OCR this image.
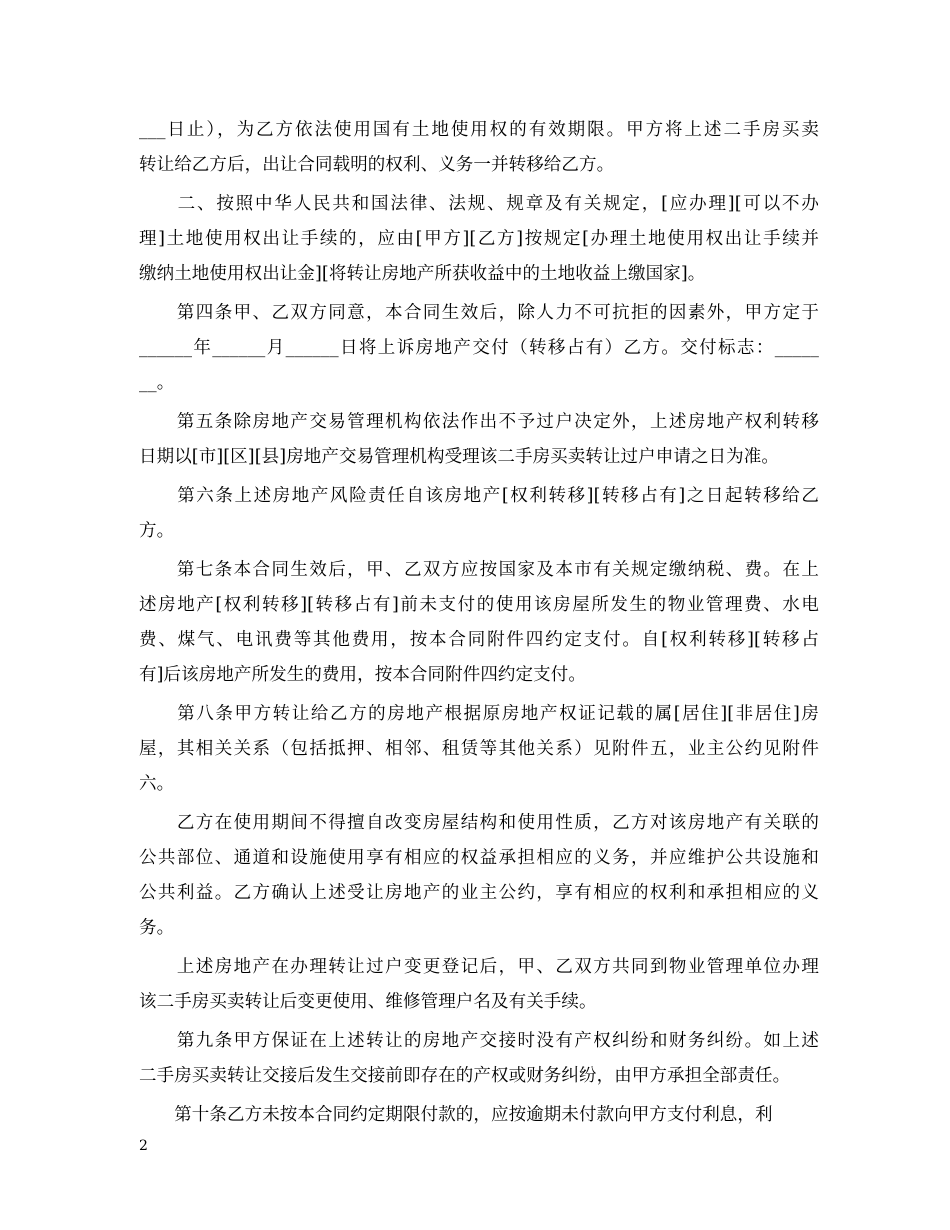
___日止），为乙方依法使用国有土地使用权的有效期限。甲方将上述二手房买卖
转让给乙方后，出让合同载明的权利、义务一并转移给乙方。
　　二、按照中华人民共和国法律、法规、规章及有关规定，[应办理][可以不办
理]土地使用权出让手续的，应由[甲方][乙方]按规定[办理土地使用权出让手续并
缴纳土地使用权出让金][将转让房地产所获收益中的土地收益上缴国家]。
　　第四条甲、乙双方同意，本合同生效后，除人力不可抗拒的因素外，甲方定于
______年______月______日将上诉房地产交付（转移占有）乙方。交付标志：_____
__。
　　第五条除房地产交易管理机构依法作出不予过户决定外，上述房地产权利转移
日期以[市][区][县]房地产交易管理机构受理该二手房买卖转让过户申请之日为准。
　　第六条上述房地产风险责任自该房地产[权利转移][转移占有]之日起转移给乙
方。
　　第七条本合同生效后，甲、乙双方应按国家及本市有关规定缴纳税、费。在上
述房地产[权利转移][转移占有]前未支付的使用该房屋所发生的物业管理费、水电
费、煤气、电讯费等其他费用，按本合同附件四约定支付。自[权利转移][转移占
有]后该房地产所发生的费用，按本合同附件四约定支付。
　　第八条甲方转让给乙方的房地产根据原房地产权证记载的属[居住][非居住]房
屋，其相关关系（包括抵押、相邻、租赁等其他关系）见附件五，业主公约见附件
六。
　　乙方在使用期间不得擅自改变房屋结构和使用性质，乙方对该房地产有关联的
公共部位、通道和设施使用享有相应的权益承担相应的义务，并应维护公共设施和
公共利益。乙方确认上述受让房地产的业主公约，享有相应的权利和承担相应的义
务。
　　上述房地产在办理转让过户变更登记后，甲、乙双方共同到物业管理单位办理
该二手房买卖转让后变更使用、维修管理户名及有关手续。
　　第九条甲方保证在上述转让的房地产交接时没有产权纠纷和财务纠纷。如上述
二手房买卖转让交接后发生交接前即存在的产权或财务纠纷，由甲方承担全部责任。
　　第十条乙方未按本合同约定期限付款的，应按逾期未付款向甲方支付利息，利
2
